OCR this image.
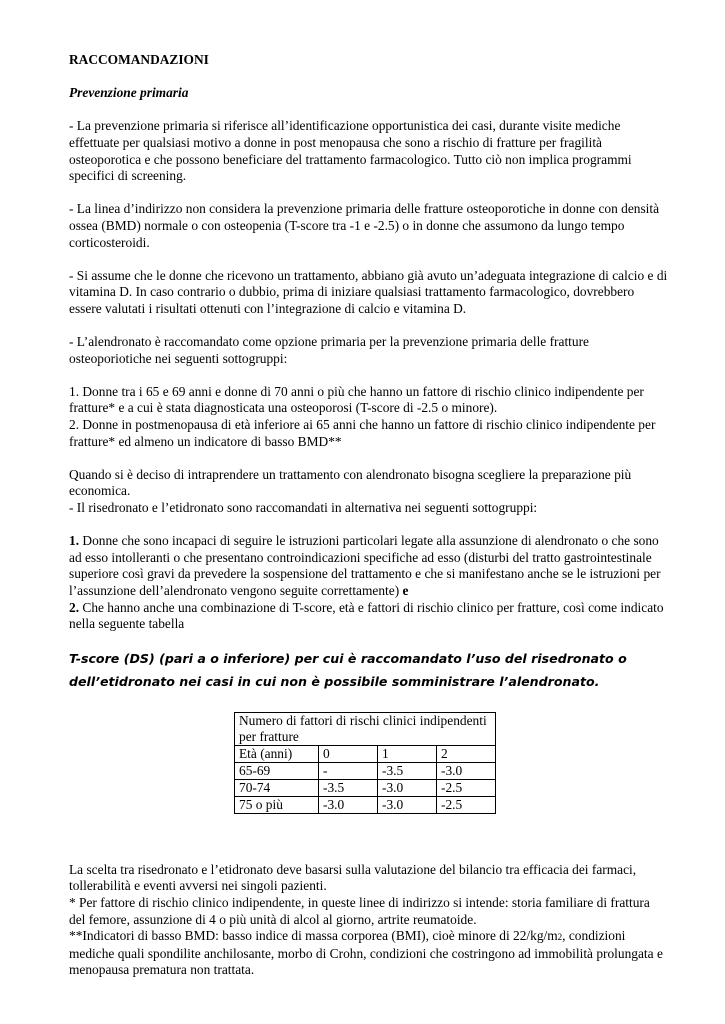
RACCOMANDAZIONI

Prevenzione primaria

- La prevenzione primaria si riferisce all’identificazione opportunistica dei casi, durante visite mediche effettuate per qualsiasi motivo a donne in post menopausa che sono a rischio di fratture per fragilità osteoporotica e che possono beneficiare del trattamento farmacologico. Tutto ciò non implica programmi specifici di screening.

- La linea d’indirizzo non considera la prevenzione primaria delle fratture osteoporotiche in donne con densità ossea (BMD) normale o con osteopenia (T-score tra -1 e -2.5) o in donne che assumono da lungo tempo corticosteroidi.

- Si assume che le donne che ricevono un trattamento, abbiano già avuto un’adeguata integrazione di calcio e di vitamina D. In caso contrario o dubbio, prima di iniziare qualsiasi trattamento farmacologico, dovrebbero essere valutati i risultati ottenuti con l’integrazione di calcio e vitamina D.

- L’alendronato è raccomandato come opzione primaria per la prevenzione primaria delle fratture osteoporiotiche nei seguenti sottogruppi:

1. Donne tra i 65 e 69 anni e donne di 70 anni o più che hanno un fattore di rischio clinico indipendente per fratture* e a cui è stata diagnosticata una osteoporosi (T-score di -2.5 o minore).

2. Donne in postmenopausa di età inferiore ai 65 anni che hanno un fattore di rischio clinico indipendente per fratture* ed almeno un indicatore di basso BMD**

Quando si è deciso di intraprendere un trattamento con alendronato bisogna scegliere la preparazione più economica.

- Il risedronato e l’etidronato sono raccomandati in alternativa nei seguenti sottogruppi:

1. Donne che sono incapaci di seguire le istruzioni particolari legate alla assunzione di alendronato o che sono ad esso intolleranti o che presentano controindicazioni specifiche ad esso (disturbi del tratto gastrointestinale superiore così gravi da prevedere la sospensione del trattamento e che si manifestano anche se le istruzioni per l’assunzione dell’alendronato vengono seguite correttamente) e

2. Che hanno anche una combinazione di T-score, età e fattori di rischio clinico per fratture, così come indicato nella seguente tabella

T-score (DS) (pari a o inferiore) per cui è raccomandato l’uso del risedronato o dell’etidronato nei casi in cui non è possibile somministrare l’alendronato.

Numero di fattori di rischi clinici indipendenti per fratture			
Età (anni)	0	1	2
65-69	-	-3.5	-3.0
70-74	-3.5	-3.0	-2.5
75 o più	-3.0	-3.0	-2.5

La scelta tra risedronato e l’etidronato deve basarsi sulla valutazione del bilancio tra efficacia dei farmaci, tollerabilità e eventi avversi nei singoli pazienti.

* Per fattore di rischio clinico indipendente, in queste linee di indirizzo si intende: storia familiare di frattura del femore, assunzione di 4 o più unità di alcol al giorno, artrite reumatoide.

**Indicatori di basso BMD: basso indice di massa corporea (BMI), cioè minore di 22/kg/m2, condizioni mediche quali spondilite anchilosante, morbo di Crohn, condizioni che costringono ad immobilità prolungata e menopausa prematura non trattata.
